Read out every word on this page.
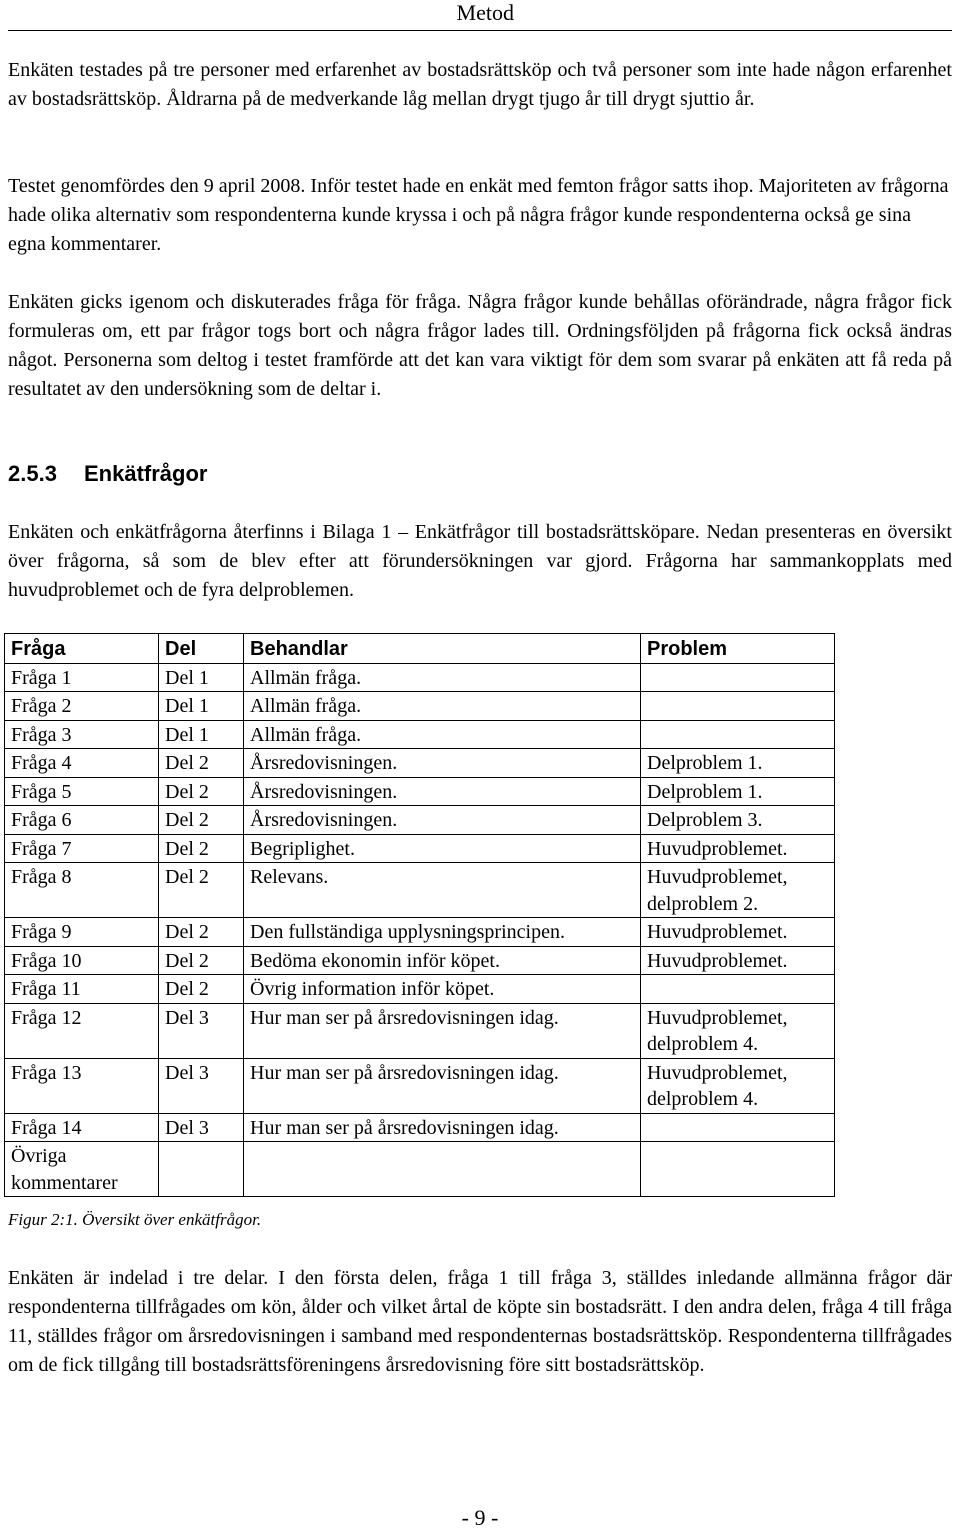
Metod

Enkäten testades på tre personer med erfarenhet av bostadsrättsköp och två personer som inte hade någon erfarenhet av bostadsrättsköp. Åldrarna på de medverkande låg mellan drygt tjugo år till drygt sjuttio år.

Testet genomfördes den 9 april 2008. Inför testet hade en enkät med femton frågor satts ihop. Majoriteten av frågorna hade olika alternativ som respondenterna kunde kryssa i och på några frågor kunde respondenterna också ge sina egna kommentarer.

Enkäten gicks igenom och diskuterades fråga för fråga. Några frågor kunde behållas oförändrade, några frågor fick formuleras om, ett par frågor togs bort och några frågor lades till. Ordningsföljden på frågorna fick också ändras något. Personerna som deltog i testet framförde att det kan vara viktigt för dem som svarar på enkäten att få reda på resultatet av den undersökning som de deltar i.

2.5.3 Enkätfrågor

Enkäten och enkätfrågorna återfinns i Bilaga 1 – Enkätfrågor till bostadsrättsköpare. Nedan presenteras en översikt över frågorna, så som de blev efter att förundersökningen var gjord. Frågorna har sammankopplats med huvudproblemet och de fyra delproblemen.

Fråga	Del	Behandlar	Problem
Fråga 1	Del 1	Allmän fråga.	
Fråga 2	Del 1	Allmän fråga.	
Fråga 3	Del 1	Allmän fråga.	
Fråga 4	Del 2	Årsredovisningen.	Delproblem 1.
Fråga 5	Del 2	Årsredovisningen.	Delproblem 1.
Fråga 6	Del 2	Årsredovisningen.	Delproblem 3.
Fråga 7	Del 2	Begriplighet.	Huvudproblemet.
Fråga 8	Del 2	Relevans.	Huvudproblemet, delproblem 2.
Fråga 9	Del 2	Den fullständiga upplysningsprincipen.	Huvudproblemet.
Fråga 10	Del 2	Bedöma ekonomin inför köpet.	Huvudproblemet.
Fråga 11	Del 2	Övrig information inför köpet.	
Fråga 12	Del 3	Hur man ser på årsredovisningen idag.	Huvudproblemet, delproblem 4.
Fråga 13	Del 3	Hur man ser på årsredovisningen idag.	Huvudproblemet, delproblem 4.
Fråga 14	Del 3	Hur man ser på årsredovisningen idag.	
Övriga kommentarer			
Figur 2:1. Översikt över enkätfrågor.

Enkäten är indelad i tre delar. I den första delen, fråga 1 till fråga 3, ställdes inledande allmänna frågor där respondenterna tillfrågades om kön, ålder och vilket årtal de köpte sin bostadsrätt. I den andra delen, fråga 4 till fråga 11, ställdes frågor om årsredovisningen i samband med respondenternas bostadsrättsköp. Respondenterna tillfrågades om de fick tillgång till bostadsrättsföreningens årsredovisning före sitt bostadsrättsköp.

- 9 -
